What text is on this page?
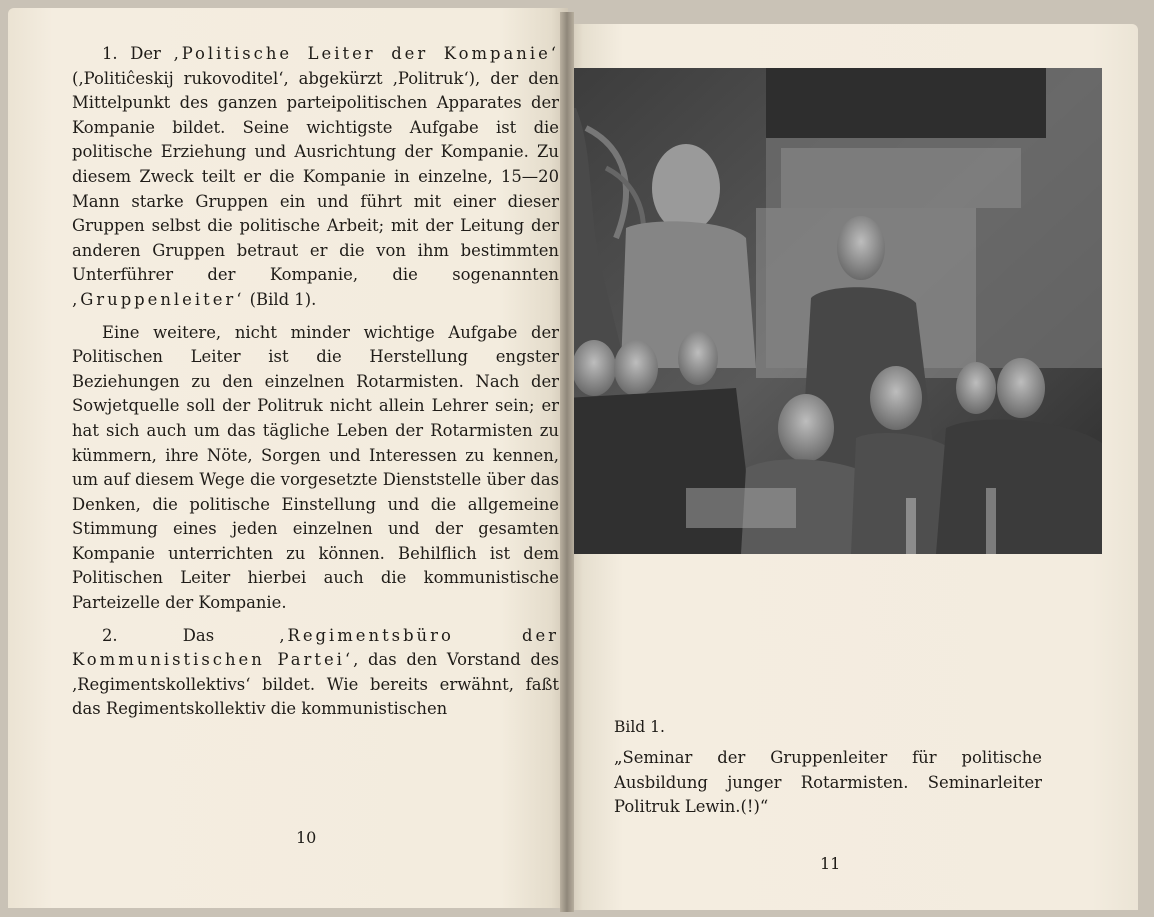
1. Der ‚Politische Leiter der Kompanie‘ (‚Politiĉeskij rukovoditel‘, abgekürzt ‚Politruk‘), der den Mittelpunkt des ganzen parteipolitischen Apparates der Kompanie bildet. Seine wichtigste Aufgabe ist die politische Erziehung und Ausrichtung der Kompanie. Zu diesem Zweck teilt er die Kompanie in einzelne, 15—20 Mann starke Gruppen ein und führt mit einer dieser Gruppen selbst die politische Arbeit; mit der Leitung der anderen Gruppen betraut er die von ihm bestimmten Unterführer der Kompanie, die sogenannten ‚Gruppenleiter‘ (Bild 1).

Eine weitere, nicht minder wichtige Aufgabe der Politischen Leiter ist die Herstellung engster Beziehungen zu den einzelnen Rotarmisten. Nach der Sowjetquelle soll der Politruk nicht allein Lehrer sein; er hat sich auch um das tägliche Leben der Rotarmisten zu kümmern, ihre Nöte, Sorgen und Interessen zu kennen, um auf diesem Wege die vorgesetzte Dienststelle über das Denken, die politische Einstellung und die allgemeine Stimmung eines jeden einzelnen und der gesamten Kompanie unterrichten zu können. Behilflich ist dem Politischen Leiter hierbei auch die kommunistische Parteizelle der Kompanie.

2. Das ‚Regimentsbüro der Kommunistischen Partei‘, das den Vorstand des ‚Regimentskollektivs‘ bildet. Wie bereits erwähnt, faßt das Regimentskollektiv die kommunistischen

10
Bild 1.
„Seminar der Gruppenleiter für politische Ausbildung junger Rotarmisten. Seminarleiter Politruk Lewin.(!)“
11
